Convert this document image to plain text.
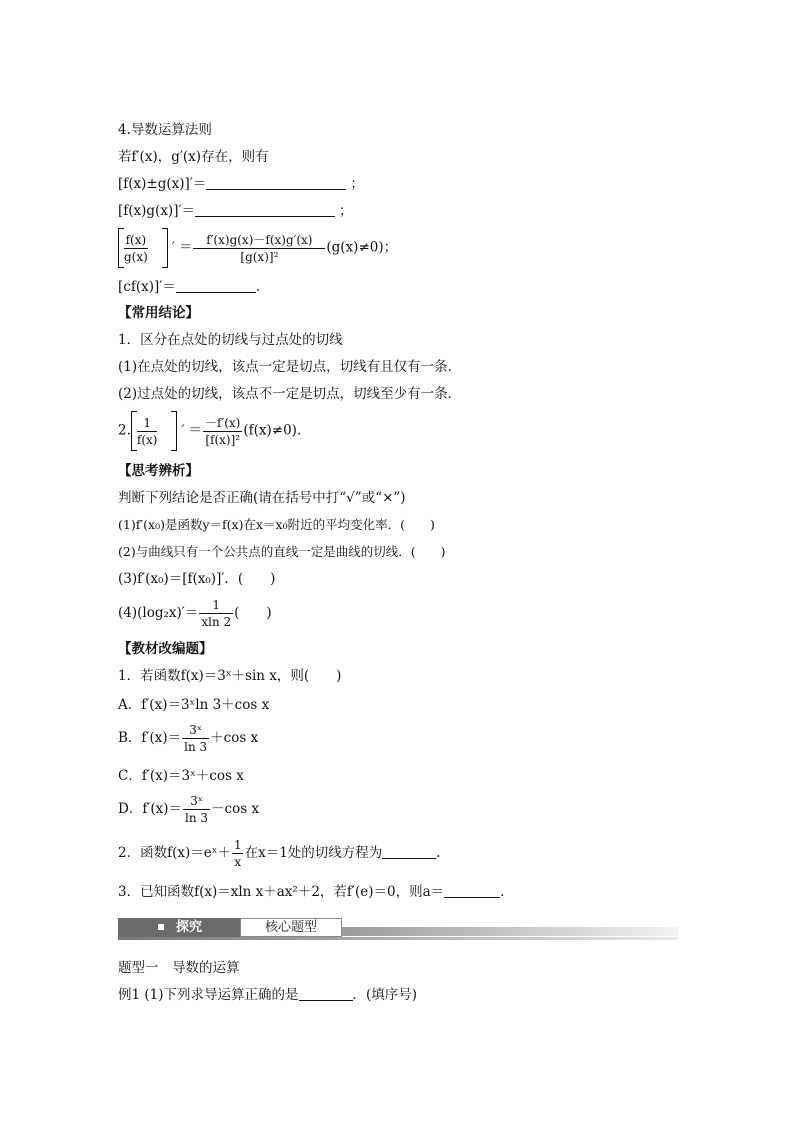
4.导数运算法则
若f′(x)，g′(x)存在，则有
[f(x)±g(x)]′＝	；
[f(x)g(x)]′＝	；
$\frac{f(x)}{g(x)}$ ′ ＝ $\frac{f'(x)g(x)-f(x)g'(x)}{\text{[g(x)]²}} (g(x)\ne 0)$；
[cf(x)]′＝	.
【常用结论】
1．区分在点处的切线与过点处的切线
(1)在点处的切线，该点一定是切点，切线有且仅有一条．
(2)过点处的切线，该点不一定是切点，切线至少有一条．
2. $\frac{1}{f(x)}$ ′ ＝ $\frac{-f'(x)}{\text{[f(x)]²}} (f(x)\ne 0)$.
【思考辨析】
判断下列结论是否正确(请在括号中打“√”或“×”)
(1)f′(x₀)是函数y＝f(x)在x＝x₀附近的平均变化率．(　　)
(2)与曲线只有一个公共点的直线一定是曲线的切线．(　　)
(3)f′(x₀)＝[f(x₀)]′．(　　)
$(4)(\log_2x)'= \frac{1}{xln 2}$ (　　)
【教材改编题】
1．若函数f(x)＝3ˣ＋sin x，则(　　)
A．f′(x)＝3ˣln 3＋cos x
B．$f'(x)= \frac{\text{3ˣ}}{\ln 3} +\cos$ x
C．f′(x)＝3ˣ＋cos x
D．$f'(x)= \frac{\text{3ˣ}}{\ln 3} -\cos$ x
2．函数f(x)＝eˣ＋ $\frac{1}{x}$ 在x＝1处的切线方程为	.
3．已知函数f(x)＝xln x＋ax²＋2，若f′(e)＝0，则a＝	.
探究	核心题型
题型一　导数的运算
例1 (1)下列求导运算正确的是	．(填序号)
